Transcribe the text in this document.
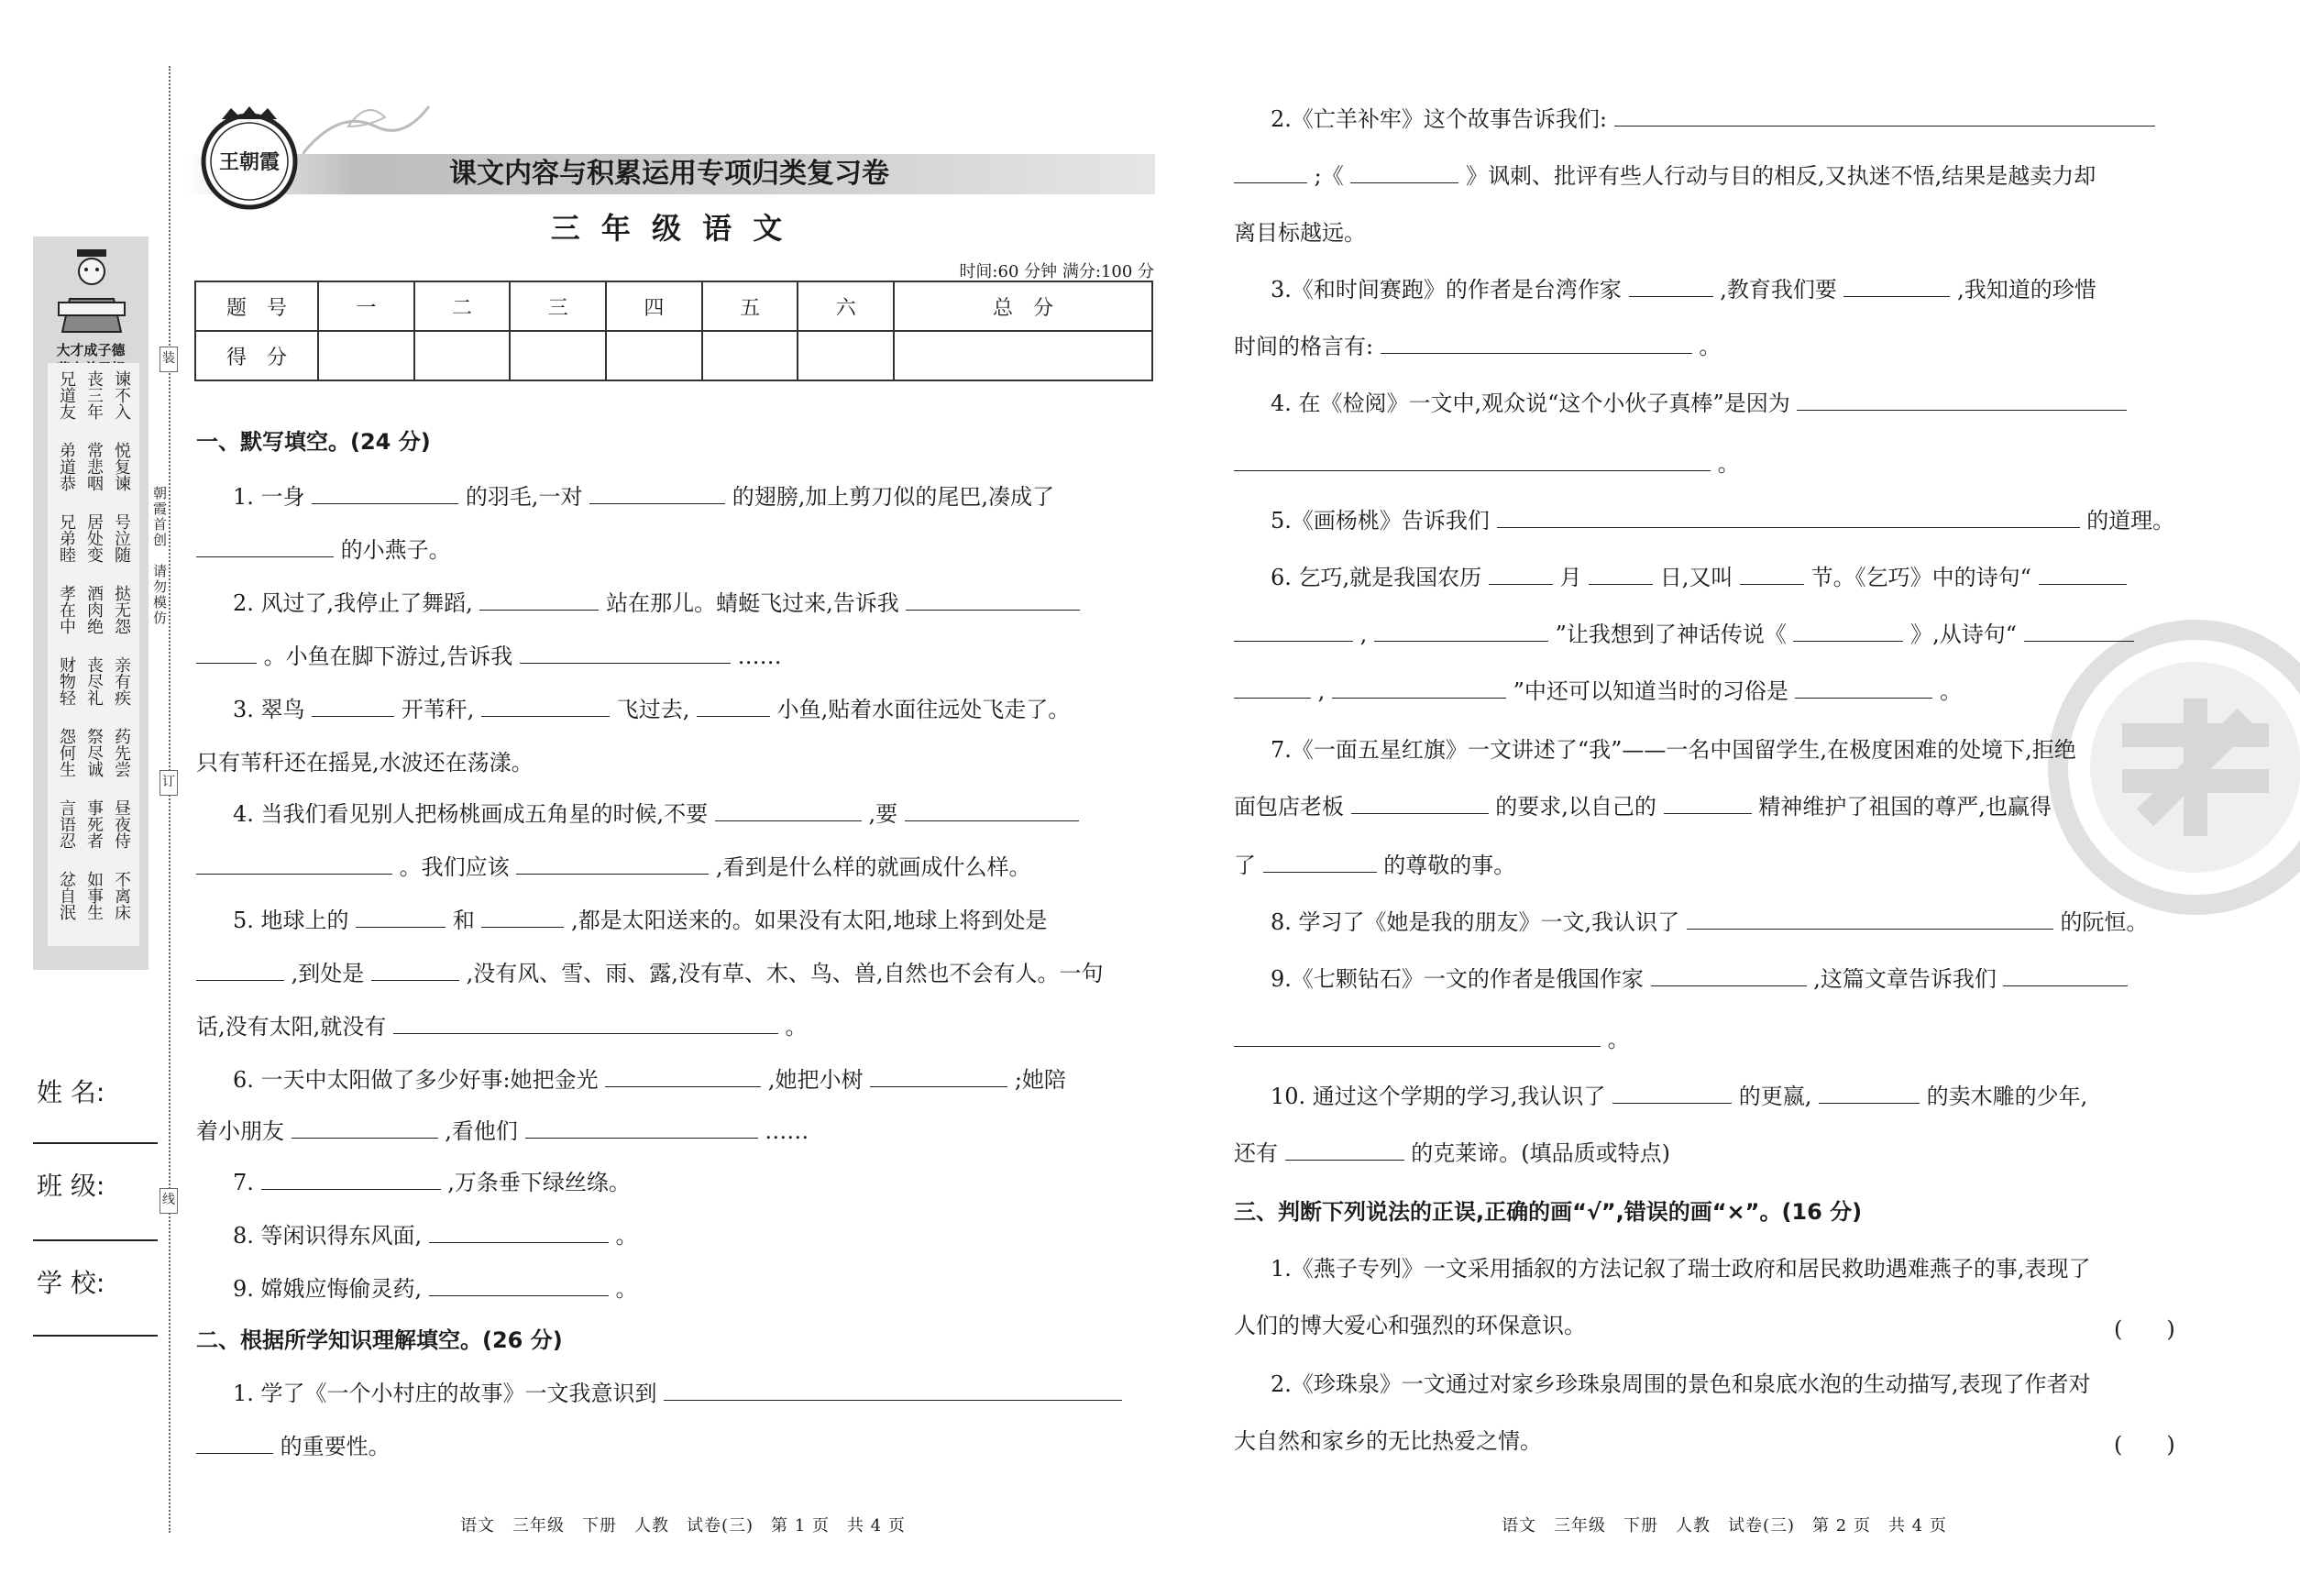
大才成子德
兄道友 丧三年 谏不入
弟道恭 常悲咽 悦复谏
兄弟睦 居处变 号泣随
孝在中 酒肉绝 挞无怨
财物轻 丧尽礼 亲有疾
怨何生 祭尽诚 药先尝
言语忍 事死者 昼夜侍
忿自泯 如事生 不离床
装
订
线
朝霞首创　请勿模仿
姓 名:
班 级:
学 校:
王朝霞	课文内容与积累运用专项归类复习卷
三 年 级 语 文
时间:60 分钟 满分:100 分
题　号	一	二	三	四	五	六	总　分
得　分							
一、默写填空。(24 分)
1. 一身	的羽毛,一对	的翅膀,加上剪刀似的尾巴,凑成了
的小燕子。
2. 风过了,我停止了舞蹈,	站在那儿。蜻蜓飞过来,告诉我
。小鱼在脚下游过,告诉我	……
3. 翠鸟	开苇秆,	飞过去,	小鱼,贴着水面往远处飞走了。
只有苇秆还在摇晃,水波还在荡漾。
4. 当我们看见别人把杨桃画成五角星的时候,不要	,要
。我们应该	,看到是什么样的就画成什么样。
5. 地球上的	和	,都是太阳送来的。如果没有太阳,地球上将到处是
,到处是	,没有风、雪、雨、露,没有草、木、鸟、兽,自然也不会有人。一句
话,没有太阳,就没有	。
6. 一天中太阳做了多少好事:她把金光	,她把小树	;她陪
着小朋友	,看他们	……
7.	,万条垂下绿丝绦。
8. 等闲识得东风面,	。
9. 嫦娥应悔偷灵药,	。
二、根据所学知识理解填空。(26 分)
1. 学了《一个小村庄的故事》一文我意识到
的重要性。
语文　三年级　下册　人教　试卷(三)　第 1 页　共 4 页
2.《亡羊补牢》这个故事告诉我们:
;《	》讽刺、批评有些人行动与目的相反,又执迷不悟,结果是越卖力却
离目标越远。
3.《和时间赛跑》的作者是台湾作家	,教育我们要	,我知道的珍惜
时间的格言有:	。
4. 在《检阅》一文中,观众说“这个小伙子真棒”是因为
。
5.《画杨桃》告诉我们	的道理。
6. 乞巧,就是我国农历	月	日,又叫	节。《乞巧》中的诗句“
,	”让我想到了神话传说《	》,从诗句“
,	”中还可以知道当时的习俗是	。
7.《一面五星红旗》一文讲述了“我”——一名中国留学生,在极度困难的处境下,拒绝
面包店老板	的要求,以自己的	精神维护了祖国的尊严,也赢得
了	的尊敬的事。
8. 学习了《她是我的朋友》一文,我认识了	的阮恒。
9.《七颗钻石》一文的作者是俄国作家	,这篇文章告诉我们
。
10. 通过这个学期的学习,我认识了	的更嬴,	的卖木雕的少年,
还有	的克莱谛。(填品质或特点)
三、判断下列说法的正误,正确的画“√”,错误的画“×”。(16 分)
1.《燕子专列》一文采用插叙的方法记叙了瑞士政府和居民救助遇难燕子的事,表现了
人们的博大爱心和强烈的环保意识。	(　　)
2.《珍珠泉》一文通过对家乡珍珠泉周围的景色和泉底水泡的生动描写,表现了作者对
大自然和家乡的无比热爱之情。	(　　)
语文　三年级　下册　人教　试卷(三)　第 2 页　共 4 页
